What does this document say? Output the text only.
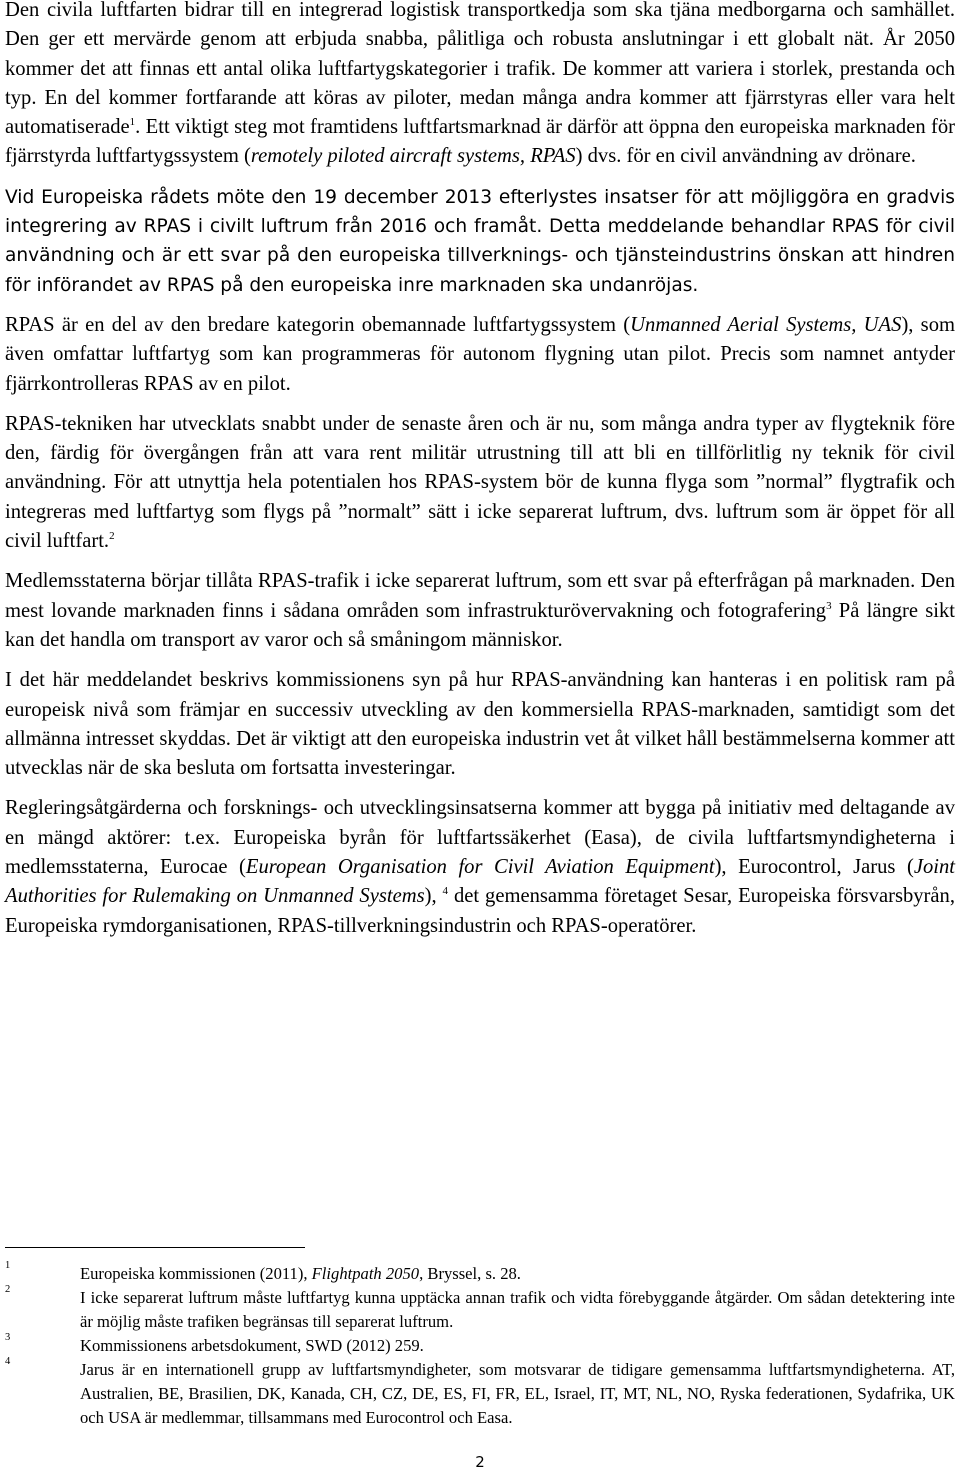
Den civila luftfarten bidrar till en integrerad logistisk transportkedja som ska tjäna medborgarna och samhället. Den ger ett mervärde genom att erbjuda snabba, pålitliga och robusta anslutningar i ett globalt nät. År 2050 kommer det att finnas ett antal olika luftfartygskategorier i trafik. De kommer att variera i storlek, prestanda och typ. En del kommer fortfarande att köras av piloter, medan många andra kommer att fjärrstyras eller vara helt automatiserade$^1$. Ett viktigt steg mot framtidens luftfartsmarknad är därför att öppna den europeiska marknaden för fjärrstyrda luftfartygssystem (remotely piloted aircraft systems, RPAS) dvs. för en civil användning av drönare.

Vid Europeiska rådets möte den 19 december 2013 efterlystes insatser för att möjliggöra en gradvis integrering av RPAS i civilt luftrum från 2016 och framåt. Detta meddelande behandlar RPAS för civil användning och är ett svar på den europeiska tillverknings- och tjänsteindustrins önskan att hindren för införandet av RPAS på den europeiska inre marknaden ska undanröjas.

RPAS är en del av den bredare kategorin obemannade luftfartygssystem (Unmanned Aerial Systems, UAS), som även omfattar luftfartyg som kan programmeras för autonom flygning utan pilot. Precis som namnet antyder fjärrkontrolleras RPAS av en pilot.

RPAS-tekniken har utvecklats snabbt under de senaste åren och är nu, som många andra typer av flygteknik före den, färdig för övergången från att vara rent militär utrustning till att bli en tillförlitlig ny teknik för civil användning. För att utnyttja hela potentialen hos RPAS-system bör de kunna flyga som ”normal” flygtrafik och integreras med luftfartyg som flygs på ”normalt” sätt i icke separerat luftrum, dvs. luftrum som är öppet för all civil luftfart.$^2$

Medlemsstaterna börjar tillåta RPAS-trafik i icke separerat luftrum, som ett svar på efterfrågan på marknaden. Den mest lovande marknaden finns i sådana områden som infrastrukturövervakning och fotografering$^3$ På längre sikt kan det handla om transport av varor och så småningom människor.

I det här meddelandet beskrivs kommissionens syn på hur RPAS-användning kan hanteras i en politisk ram på europeisk nivå som främjar en successiv utveckling av den kommersiella RPAS-marknaden, samtidigt som det allmänna intresset skyddas. Det är viktigt att den europeiska industrin vet åt vilket håll bestämmelserna kommer att utvecklas när de ska besluta om fortsatta investeringar.

Regleringsåtgärderna och forsknings- och utvecklingsinsatserna kommer att bygga på initiativ med deltagande av en mängd aktörer: t.ex. Europeiska byrån för luftfartssäkerhet (Easa), de civila luftfartsmyndigheterna i medlemsstaterna, Eurocae (European Organisation for Civil Aviation Equipment), Eurocontrol, Jarus (Joint Authorities for Rulemaking on Unmanned Systems), $^4$ det gemensamma företaget Sesar, Europeiska försvarsbyrån, Europeiska rymdorganisationen, RPAS-tillverkningsindustrin och RPAS-operatörer.

1	Europeiska kommissionen (2011), Flightpath 2050, Bryssel, s. 28.
2	I icke separerat luftrum måste luftfartyg kunna upptäcka annan trafik och vidta förebyggande åtgärder. Om sådan detektering inte är möjlig måste trafiken begränsas till separerat luftrum.
3	Kommissionens arbetsdokument, SWD (2012) 259.
4	Jarus är en internationell grupp av luftfartsmyndigheter, som motsvarar de tidigare gemensamma luftfartsmyndigheterna. AT, Australien, BE, Brasilien, DK, Kanada, CH, CZ, DE, ES, FI, FR, EL, Israel, IT, MT, NL, NO, Ryska federationen, Sydafrika, UK och USA är medlemmar, tillsammans med Eurocontrol och Easa.
2
